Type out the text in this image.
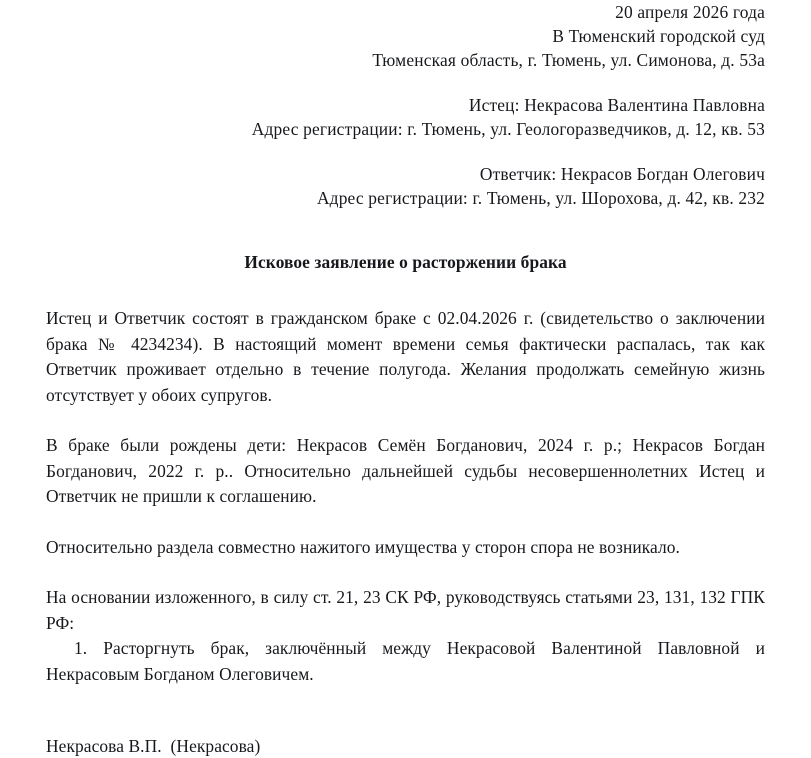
20 апреля 2026 года
В Тюменский городской суд
Тюменская область, г. Тюмень, ул. Симонова, д. 53а
Истец: Некрасова Валентина Павловна
Адрес регистрации: г. Тюмень, ул. Геологоразведчиков, д. 12, кв. 53
Ответчик: Некрасов Богдан Олегович
Адрес регистрации: г. Тюмень, ул. Шорохова, д. 42, кв. 232
Исковое заявление о расторжении брака

Истец и Ответчик состоят в гражданском браке с 02.04.2026 г. (свидетельство о заключении брака № 4234234). В настоящий момент времени семья фактически распалась, так как Ответчик проживает отдельно в течение полугода. Желания продолжать семейную жизнь отсутствует у обоих супругов.

В браке были рождены дети: Некрасов Семён Богданович, 2024 г. р.; Некрасов Богдан Богданович, 2022 г. р.. Относительно дальнейшей судьбы несовершеннолетних Истец и Ответчик не пришли к соглашению.

Относительно раздела совместно нажитого имущества у сторон спора не возникало.

На основании изложенного, в силу ст. 21, 23 СК РФ, руководствуясь статьями 23, 131, 132 ГПК РФ:

1. Расторгнуть брак, заключённый между Некрасовой Валентиной Павловной и Некрасовым Богданом Олеговичем.

Некрасова В.П.  (Некрасова)
